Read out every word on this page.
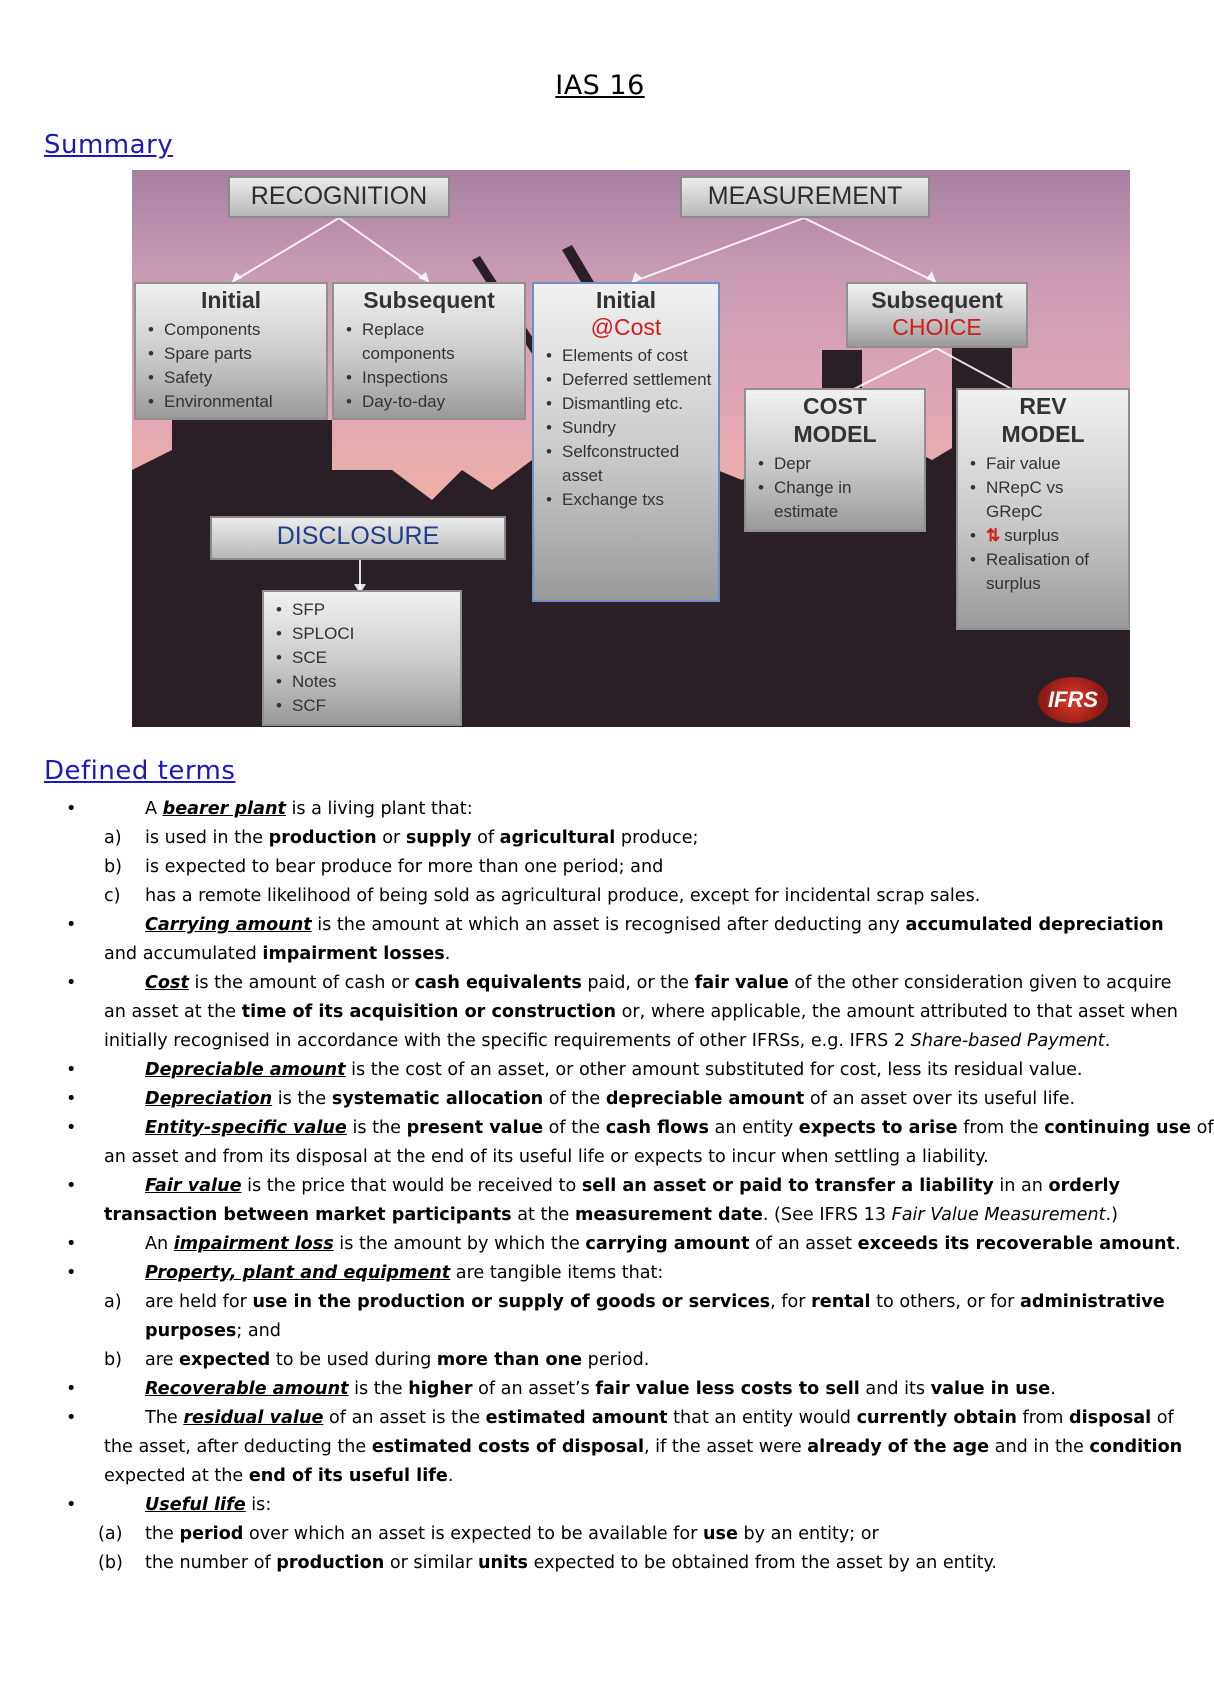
IAS 16
Summary
RECOGNITION	MEASUREMENT
Initial
• Components
• Spare parts
• Safety
• Environmental
Subsequent
• Replace components
• Inspections
• Day-to-day
Initial
@Cost
• Elements of cost
• Deferred settlement
• Dismantling etc.
• Sundry
• Selfconstructed asset
• Exchange txs
Subsequent
CHOICE
COST
MODEL
• Depr
• Change in estimate
REV
MODEL
• Fair value
• NRepC vs GRepC
• ⇅ surplus
• Realisation of surplus
DISCLOSURE
• SFP
• SPLOCI
• SCE
• Notes
• SCF	IFRS
Defined terms
•	A bearer plant is a living plant that:
a) is used in the production or supply of agricultural produce;
b) is expected to bear produce for more than one period; and
c) has a remote likelihood of being sold as agricultural produce, except for incidental scrap sales.
•	Carrying amount is the amount at which an asset is recognised after deducting any accumulated depreciation
and accumulated impairment losses.
•	Cost is the amount of cash or cash equivalents paid, or the fair value of the other consideration given to acquire
an asset at the time of its acquisition or construction or, where applicable, the amount attributed to that asset when
initially recognised in accordance with the specific requirements of other IFRSs, e.g. IFRS 2 Share-based Payment.
•	Depreciable amount is the cost of an asset, or other amount substituted for cost, less its residual value.
•	Depreciation is the systematic allocation of the depreciable amount of an asset over its useful life.
•	Entity-specific value is the present value of the cash flows an entity expects to arise from the continuing use of
an asset and from its disposal at the end of its useful life or expects to incur when settling a liability.
•	Fair value is the price that would be received to sell an asset or paid to transfer a liability in an orderly
transaction between market participants at the measurement date. (See IFRS 13 Fair Value Measurement.)
•	An impairment loss is the amount by which the carrying amount of an asset exceeds its recoverable amount.
•	Property, plant and equipment are tangible items that:
a) are held for use in the production or supply of goods or services, for rental to others, or for administrative
purposes; and
b) are expected to be used during more than one period.
•	Recoverable amount is the higher of an asset’s fair value less costs to sell and its value in use.
•	The residual value of an asset is the estimated amount that an entity would currently obtain from disposal of
the asset, after deducting the estimated costs of disposal, if the asset were already of the age and in the condition
expected at the end of its useful life.
•	Useful life is:
(a) the period over which an asset is expected to be available for use by an entity; or
(b) the number of production or similar units expected to be obtained from the asset by an entity.
